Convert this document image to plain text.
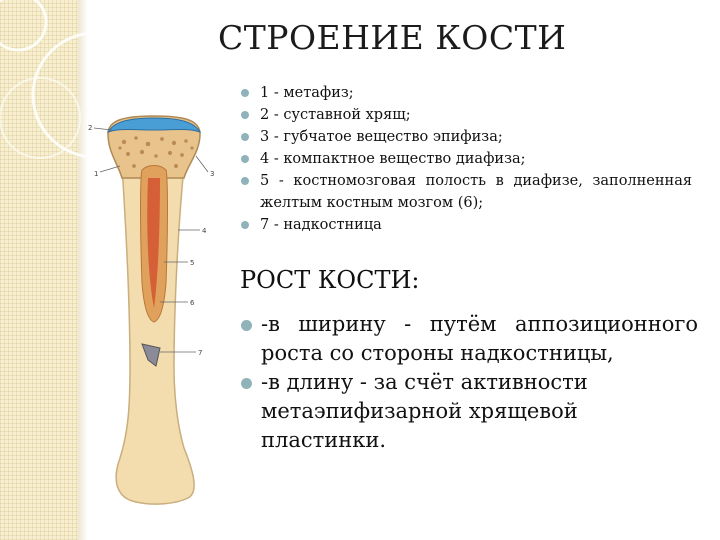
СТРОЕНИЕ КОСТИ
1 - метафиз;
2 - суставной хрящ;
3 - губчатое вещество эпифиза;
4 - компактное вещество диафиза;
5 - костномозговая полость в диафизе, заполненная желтым костным мозгом (6);
7 - надкостница
РОСТ КОСТИ:
-в ширину - путём аппозиционного роста со стороны надкостницы,
-в длину - за счёт активности метаэпифизарной хрящевой пластинки.
2
1	3
4
5
6
7
